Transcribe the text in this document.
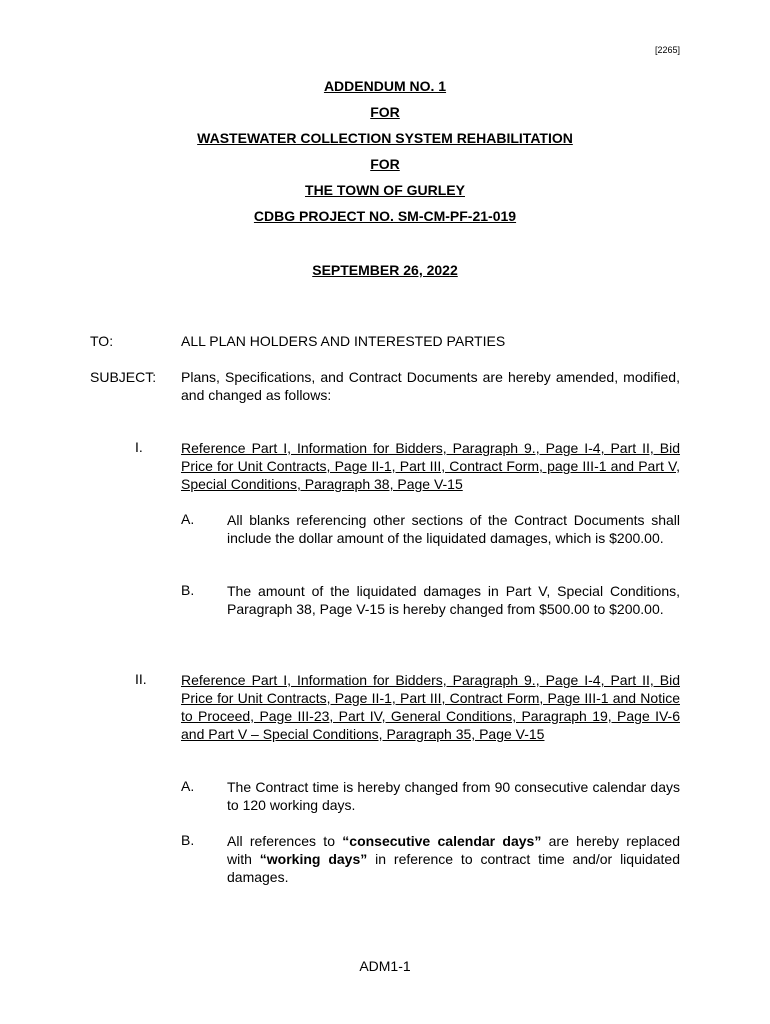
[2265]
ADDENDUM NO. 1
FOR
WASTEWATER COLLECTION SYSTEM REHABILITATION
FOR
THE TOWN OF GURLEY
CDBG PROJECT NO. SM-CM-PF-21-019
SEPTEMBER 26, 2022
TO:	ALL PLAN HOLDERS AND INTERESTED PARTIES
SUBJECT: Plans, Specifications, and Contract Documents are hereby amended, modified, and changed as follows:
I.	Reference Part I, Information for Bidders, Paragraph 9., Page I-4, Part II, Bid Price for Unit Contracts, Page II-1, Part III, Contract Form, page III-1 and Part V, Special Conditions, Paragraph 38, Page V-15
A. All blanks referencing other sections of the Contract Documents shall include the dollar amount of the liquidated damages, which is $200.00.
B. The amount of the liquidated damages in Part V, Special Conditions, Paragraph 38, Page V-15 is hereby changed from $500.00 to $200.00.
II. Reference Part I, Information for Bidders, Paragraph 9., Page I-4, Part II, Bid Price for Unit Contracts, Page II-1, Part III, Contract Form, Page III-1 and Notice to Proceed, Page III-23, Part IV, General Conditions, Paragraph 19, Page IV-6 and Part V – Special Conditions, Paragraph 35, Page V-15
A. The Contract time is hereby changed from 90 consecutive calendar days to 120 working days.
B. All references to “consecutive calendar days” are hereby replaced with “working days” in reference to contract time and/or liquidated damages.
ADM1-1
